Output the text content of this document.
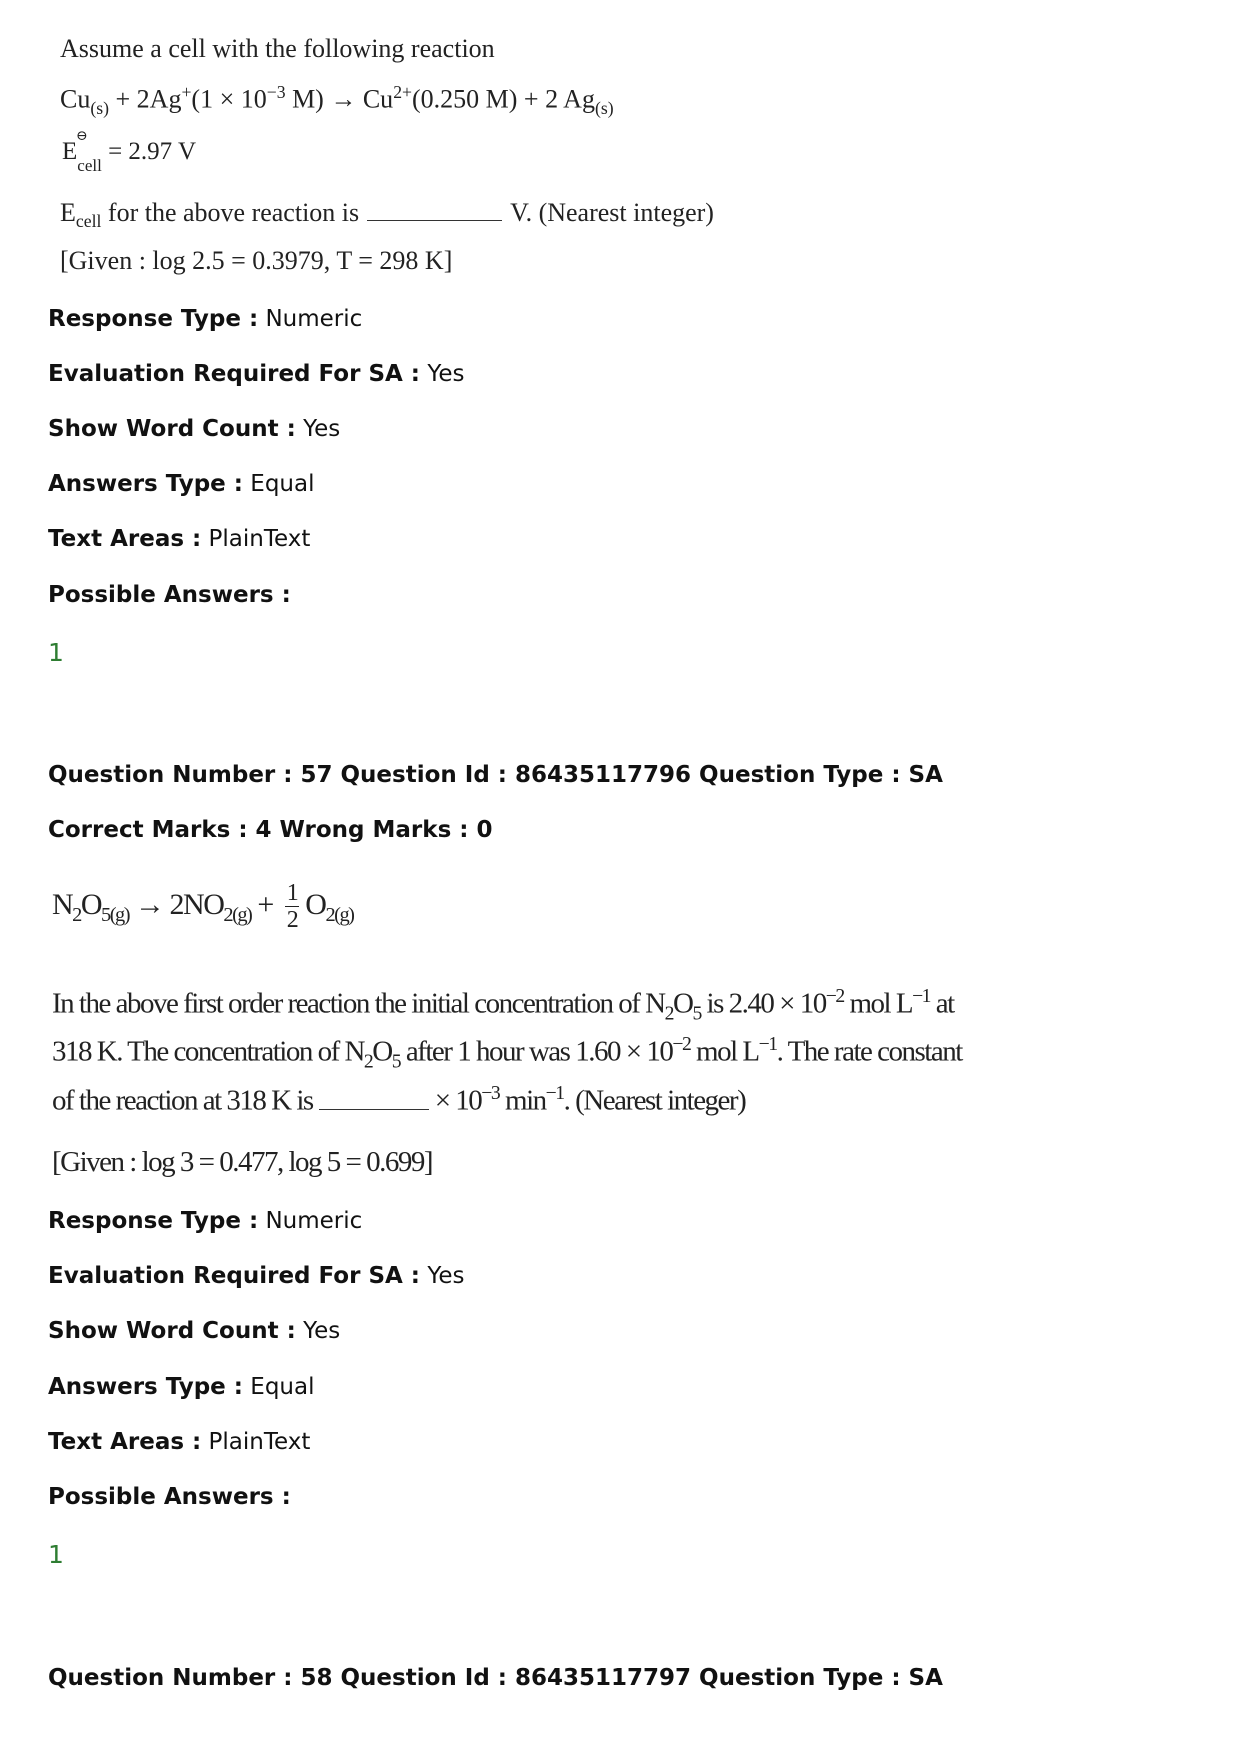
Assume a cell with the following reaction
$Cu_{(s)} + 2Ag^+(1 \times 10^{-3}$ $M) \to Cu^{2+}(0.250$ M) + 2 $Ag_{(s)}$
E
⊖
$_{cell}$ = 2.97 V
$E_{cell}$ for the above reaction is	V. (Nearest integer)
[Given : log 2.5 = 0.3979, T = 298 K]
Response Type : Numeric
Evaluation Required For SA : Yes
Show Word Count : Yes
Answers Type : Equal
Text Areas : PlainText
Possible Answers :
1
Question Number : 57 Question Id : 86435117796 Question Type : SA
Correct Marks : 4 Wrong Marks : 0
$N_2O_{5(g)} \to 2NO_{2(g)} + \frac{1}{2} O_{2(g)}$
In the above first order reaction the initial concentration of $N_2O_5$ is $2.40 \times 10^{-2}$ mol $L^{-1}$ at
318 K. The concentration of $N_2O_5$ after 1 hour was $1.60 \times 10^{-2}$ mol $L^{-1}$. The rate constant
of the reaction at 318 K is	× $10^{-3}$ $\min^{-1}$. (Nearest integer)
[Given : log 3 = 0.477, log 5 = 0.699]
Response Type : Numeric
Evaluation Required For SA : Yes
Show Word Count : Yes
Answers Type : Equal
Text Areas : PlainText
Possible Answers :
1
Question Number : 58 Question Id : 86435117797 Question Type : SA
